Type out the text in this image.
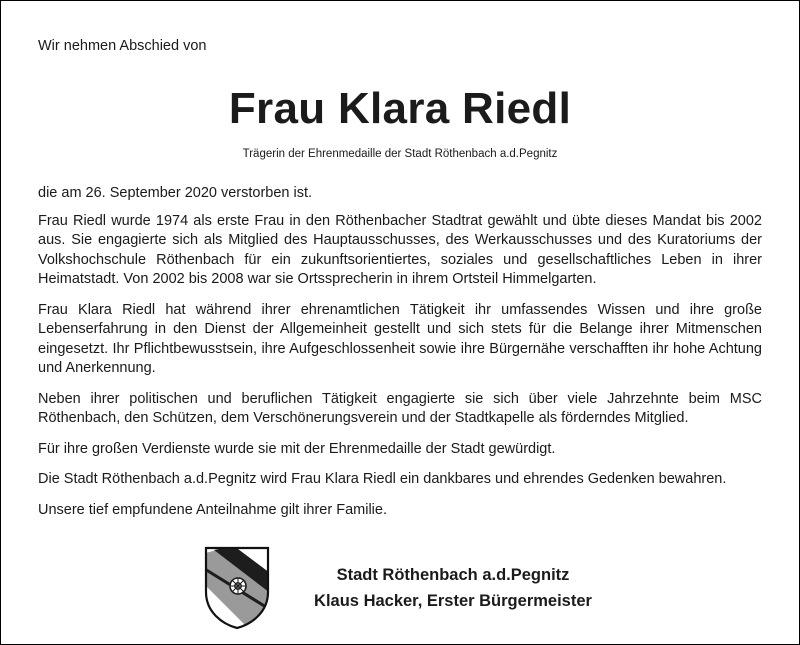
Wir nehmen Abschied von
Frau Klara Riedl
Trägerin der Ehrenmedaille der Stadt Röthenbach a.d.Pegnitz

die am 26. September 2020 verstorben ist.

Frau Riedl wurde 1974 als erste Frau in den Röthenbacher Stadtrat gewählt und übte dieses Mandat bis 2002 aus. Sie engagierte sich als Mitglied des Hauptausschusses, des Werkausschusses und des Kuratoriums der Volkshochschule Röthenbach für ein zukunftsorientiertes, soziales und gesellschaftliches Leben in ihrer Heimatstadt. Von 2002 bis 2008 war sie Ortssprecherin in ihrem Ortsteil Himmelgarten.

Frau Klara Riedl hat während ihrer ehrenamtlichen Tätigkeit ihr umfassendes Wissen und ihre große Lebenserfahrung in den Dienst der Allgemeinheit gestellt und sich stets für die Belange ihrer Mitmenschen eingesetzt. Ihr Pflichtbewusstsein, ihre Aufgeschlossenheit sowie ihre Bürgernähe verschafften ihr hohe Achtung und Anerkennung.

Neben ihrer politischen und beruflichen Tätigkeit engagierte sie sich über viele Jahrzehnte beim MSC Röthenbach, den Schützen, dem Verschönerungsverein und der Stadtkapelle als förderndes Mitglied.

Für ihre großen Verdienste wurde sie mit der Ehrenmedaille der Stadt gewürdigt.

Die Stadt Röthenbach a.d.Pegnitz wird Frau Klara Riedl ein dankbares und ehrendes Gedenken bewahren.

Unsere tief empfundene Anteilnahme gilt ihrer Familie.

Stadt Röthenbach a.d.Pegnitz
Klaus Hacker, Erster Bürgermeister
